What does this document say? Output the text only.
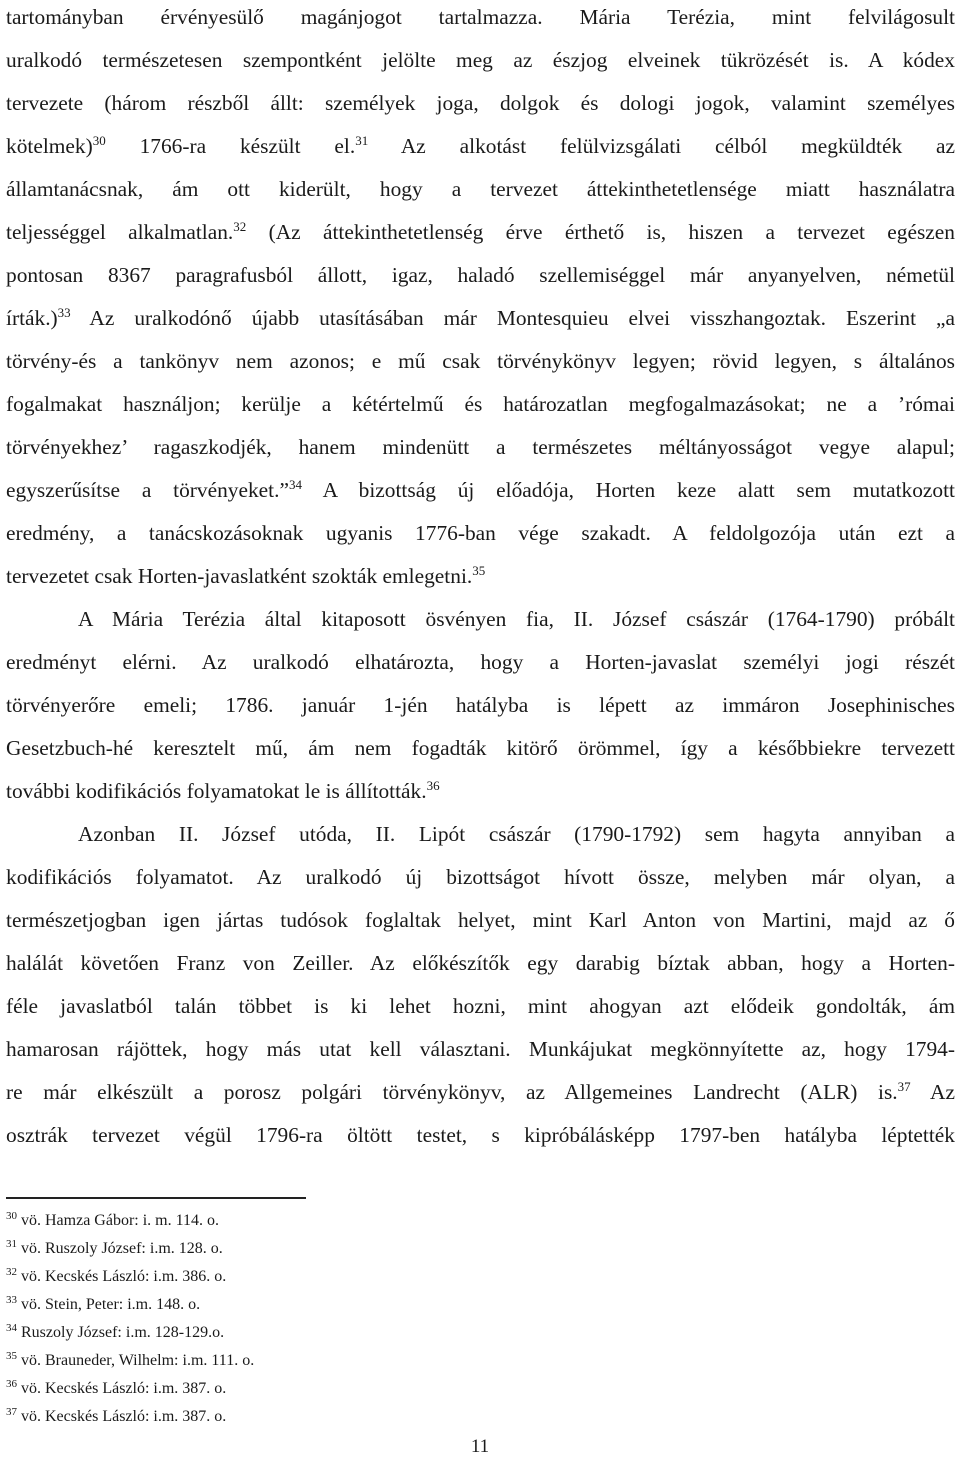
tartományban érvényesülő magánjogot tartalmazza. Mária Terézia, mint felvilágosult
uralkodó természetesen szempontként jelölte meg az észjog elveinek tükrözését is. A kódex
tervezete (három részből állt: személyek joga, dolgok és dologi jogok, valamint személyes
kötelmek)$^{30}$ 1766-ra készült el.$^{31}$ Az alkotást felülvizsgálati célból megküldték az
államtanácsnak, ám ott kiderült, hogy a tervezet áttekinthetetlensége miatt használatra
teljességgel alkalmatlan.$^{32}$ (Az áttekinthetetlenség érve érthető is, hiszen a tervezet egészen
pontosan 8367 paragrafusból állott, igaz, haladó szellemiséggel már anyanyelven, németül
írták.)$^{33}$ Az uralkodónő újabb utasításában már Montesquieu elvei visszhangoztak. Eszerint „a
törvény-és a tankönyv nem azonos; e mű csak törvénykönyv legyen; rövid legyen, s általános
fogalmakat használjon; kerülje a kétértelmű és határozatlan megfogalmazásokat; ne a ’római
törvényekhez’ ragaszkodjék, hanem mindenütt a természetes méltányosságot vegye alapul;
egyszerűsítse a törvényeket.”$^{34}$ A bizottság új előadója, Horten keze alatt sem mutatkozott
eredmény, a tanácskozásoknak ugyanis 1776-ban vége szakadt. A feldolgozója után ezt a
tervezetet csak Horten-javaslatként szokták emlegetni.$^{35}$
A Mária Terézia által kitaposott ösvényen fia, II. József császár (1764-1790) próbált
eredményt elérni. Az uralkodó elhatározta, hogy a Horten-javaslat személyi jogi részét
törvényerőre emeli; 1786. január 1-jén hatályba is lépett az immáron Josephinisches
Gesetzbuch-hé keresztelt mű, ám nem fogadták kitörő örömmel, így a későbbiekre tervezett
további kodifikációs folyamatokat le is állították.$^{36}$
Azonban II. József utóda, II. Lipót császár (1790-1792) sem hagyta annyiban a
kodifikációs folyamatot. Az uralkodó új bizottságot hívott össze, melyben már olyan, a
természetjogban igen jártas tudósok foglaltak helyet, mint Karl Anton von Martini, majd az ő
halálát követően Franz von Zeiller. Az előkészítők egy darabig bíztak abban, hogy a Horten-
féle javaslatból talán többet is ki lehet hozni, mint ahogyan azt elődeik gondolták, ám
hamarosan rájöttek, hogy más utat kell választani. Munkájukat megkönnyítette az, hogy 1794-
re már elkészült a porosz polgári törvénykönyv, az Allgemeines Landrecht (ALR) is.$^{37}$ Az
osztrák tervezet végül 1796-ra öltött testet, s kipróbálásképp 1797-ben hatályba léptették
$^{30}$ vö. Hamza Gábor: i. m. 114. o.
$^{31}$ vö. Ruszoly József: i.m. 128. o.
$^{32}$ vö. Kecskés László: i.m. 386. o.
$^{33}$ vö. Stein, Peter: i.m. 148. o.
$^{34}$ Ruszoly József: i.m. 128-129.o.
$^{35}$ vö. Brauneder, Wilhelm: i.m. 111. o.
$^{36}$ vö. Kecskés László: i.m. 387. o.
$^{37}$ vö. Kecskés László: i.m. 387. o.
11
